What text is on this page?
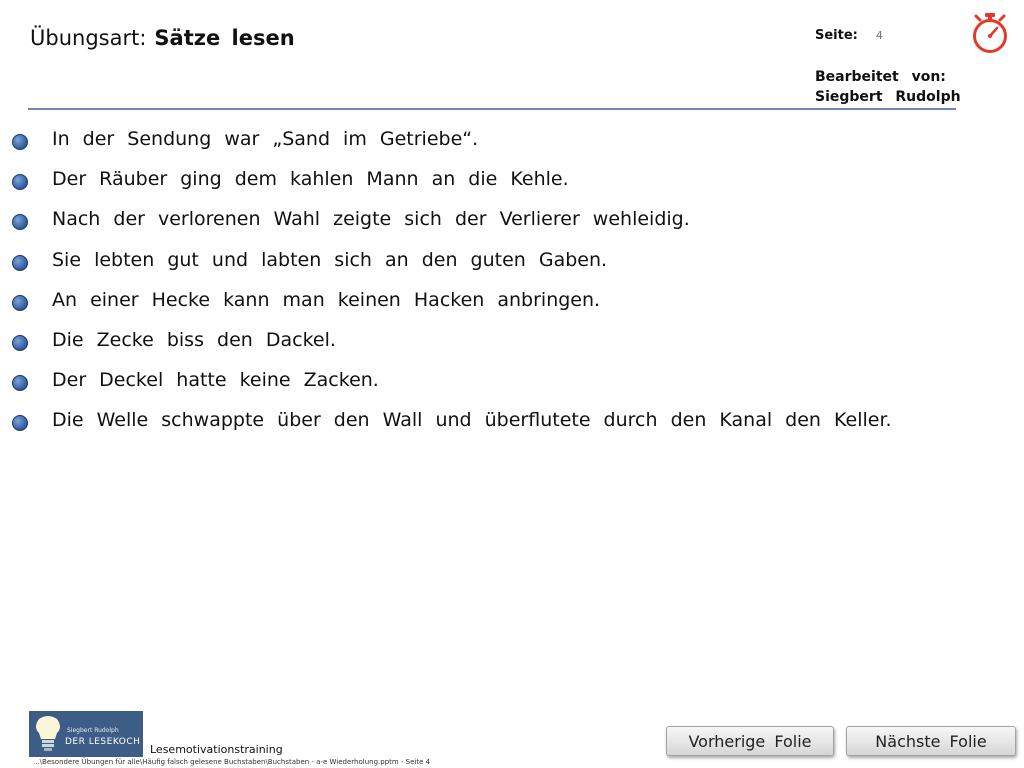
Übungsart: Sätze lesen	Seite: 4
Bearbeitet von:
Siegbert Rudolph
In der Sendung war „Sand im Getriebe“.
Der Räuber ging dem kahlen Mann an die Kehle.
Nach der verlorenen Wahl zeigte sich der Verlierer wehleidig.
Sie lebten gut und labten sich an den guten Gaben.
An einer Hecke kann man keinen Hacken anbringen.
Die Zecke biss den Dackel.
Der Deckel hatte keine Zacken.
Die Welle schwappte über den Wall und überflutete durch den Kanal den Keller.
Siegbert Rudolph
DER LESEKOCH
Lesemotivationstraining
...\Besondere Übungen für alle\Häufig falsch gelesene Buchstaben\Buchstaben - a-e Wiederholung.pptm - Seite 4
Vorherige Folie	Nächste Folie
